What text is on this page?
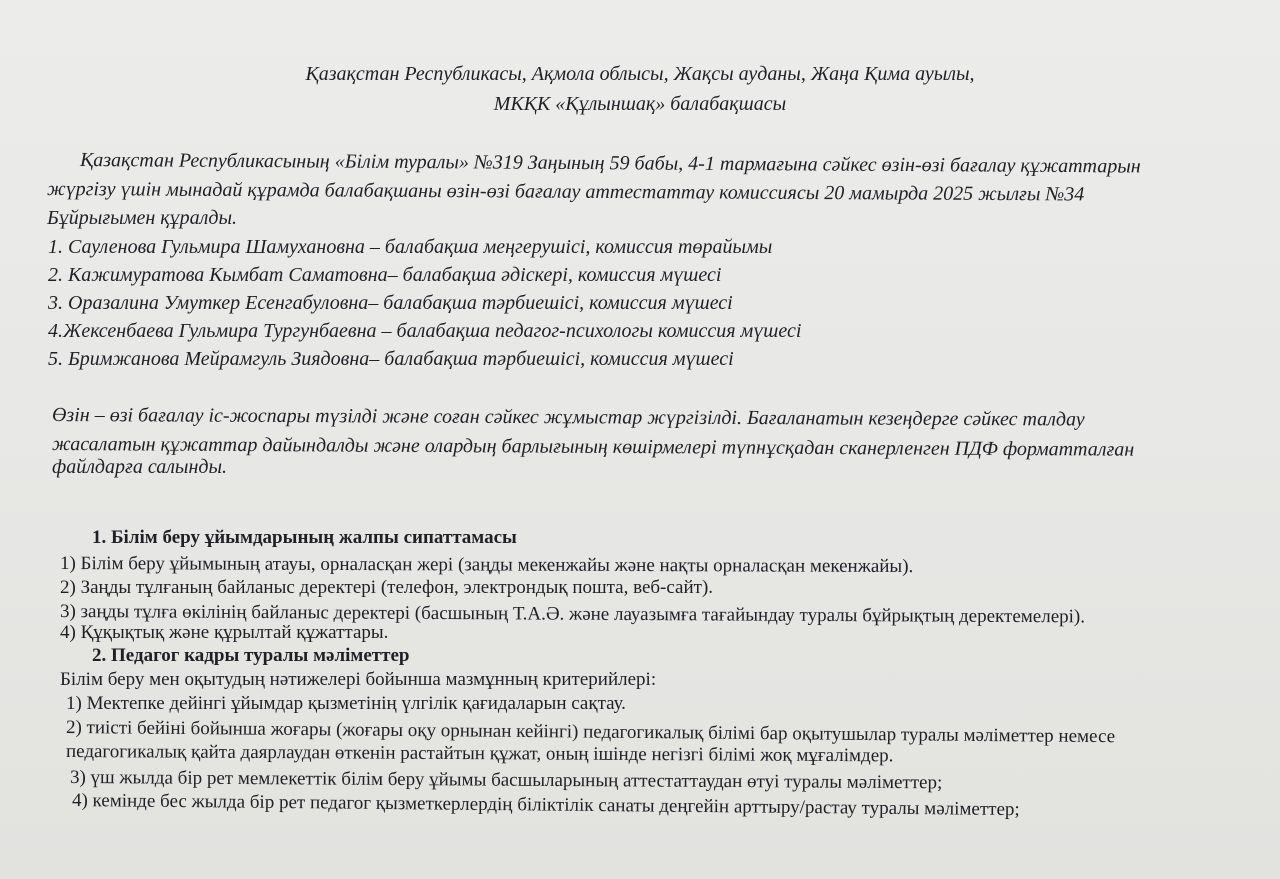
Қазақстан Республикасы, Ақмола облысы, Жақсы ауданы, Жаңа Қима ауылы,

МКҚК «Құлыншақ» балабақшасы

Қазақстан Республикасының «Білім туралы» №319 Заңының 59 бабы, 4-1 тармағына сәйкес өзін-өзі бағалау құжаттарын

жүргізу үшін мынадай құрамда балабақшаны өзін-өзі бағалау аттестаттау комиссиясы 20 мамырда 2025 жылғы №34

Бұйрығымен құралды.

1. Сауленова Гульмира Шамухановна – балабақша меңгерушісі, комиссия төрайымы

2. Кажимуратова Кымбат Саматовна– балабақша әдіскері, комиссия мүшесі

3. Оразалина Умуткер Есенгабуловна– балабақша тәрбиешісі, комиссия мүшесі

4.Жексенбаева Гульмира Тургунбаевна – балабақша педагог-психологы комиссия мүшесі

5. Бримжанова Мейрамгуль Зиядовна– балабақша тәрбиешісі, комиссия мүшесі

Өзін – өзі бағалау іс-жоспары түзілді және соған сәйкес жұмыстар жүргізілді. Бағаланатын кезеңдерге сәйкес талдау

жасалатын құжаттар дайындалды және олардың барлығының көшірмелері түпнұсқадан сканерленген ПДФ форматталған

файлдарға салынды.

1. Білім беру ұйымдарының жалпы сипаттамасы

1) Білім беру ұйымының атауы, орналасқан жері (заңды мекенжайы және нақты орналасқан мекенжайы).

2) Заңды тұлғаның байланыс деректері (телефон, электрондық пошта, веб-сайт).

3) заңды тұлға өкілінің байланыс деректері (басшының Т.А.Ә. және лауазымға тағайындау туралы бұйрықтың деректемелері).

4) Құқықтық және құрылтай құжаттары.

2. Педагог кадры туралы мәліметтер

Білім беру мен оқытудың нәтижелері бойынша мазмұнның критерийлері:

1) Мектепке дейінгі ұйымдар қызметінің үлгілік қағидаларын сақтау.

2) тиісті бейіні бойынша жоғары (жоғары оқу орнынан кейінгі) педагогикалық білімі бар оқытушылар туралы мәліметтер немесе

педагогикалық қайта даярлаудан өткенін растайтын құжат, оның ішінде негізгі білімі жоқ мұғалімдер.

3) үш жылда бір рет мемлекеттік білім беру ұйымы басшыларының аттестаттаудан өтуі туралы мәліметтер;

4) кемінде бес жылда бір рет педагог қызметкерлердің біліктілік санаты деңгейін арттыру/растау туралы мәліметтер;
